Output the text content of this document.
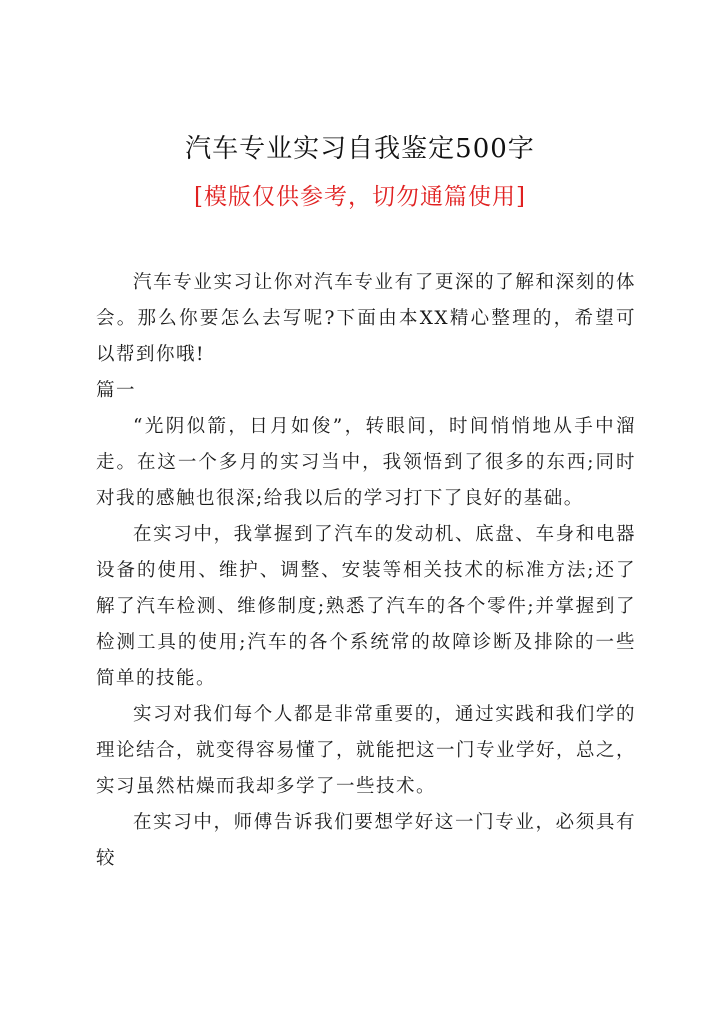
汽车专业实习自我鉴定500字
[模版仅供参考，切勿通篇使用]

汽车专业实习让你对汽车专业有了更深的了解和深刻的体会。那么你要怎么去写呢?下面由本XX精心整理的，希望可以帮到你哦!

篇一

“光阴似箭，日月如俊”，转眼间，时间悄悄地从手中溜走。在这一个多月的实习当中，我领悟到了很多的东西;同时对我的感触也很深;给我以后的学习打下了良好的基础。

在实习中，我掌握到了汽车的发动机、底盘、车身和电器设备的使用、维护、调整、安装等相关技术的标准方法;还了解了汽车检测、维修制度;熟悉了汽车的各个零件;并掌握到了检测工具的使用;汽车的各个系统常的故障诊断及排除的一些简单的技能。

实习对我们每个人都是非常重要的，通过实践和我们学的理论结合，就变得容易懂了，就能把这一门专业学好，总之，实习虽然枯燥而我却多学了一些技术。

在实习中，师傅告诉我们要想学好这一门专业，必须具有较
